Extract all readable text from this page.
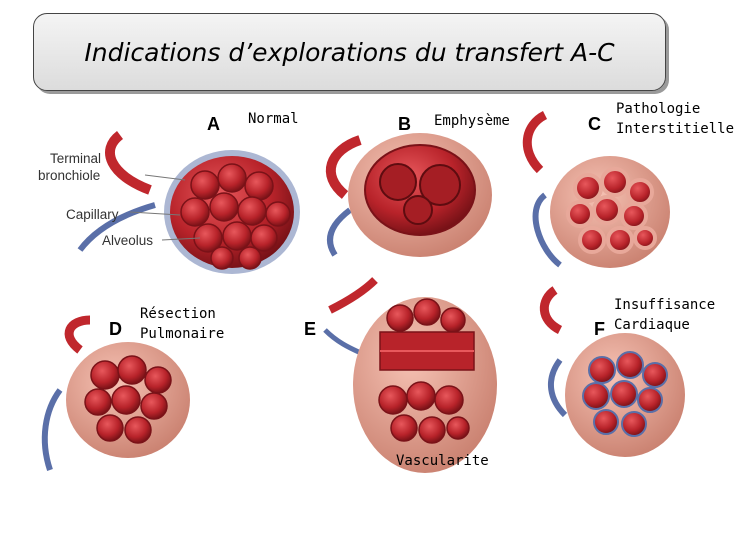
Indications d’explorations du transfert A-C
A	B	C
D	E	F
Normal	Emphysème
Pathologie
Interstitielle
Résection
Pulmonaire
Vascularite
Insuffisance
Cardiaque
Terminal
bronchiole
Capillary
Alveolus
